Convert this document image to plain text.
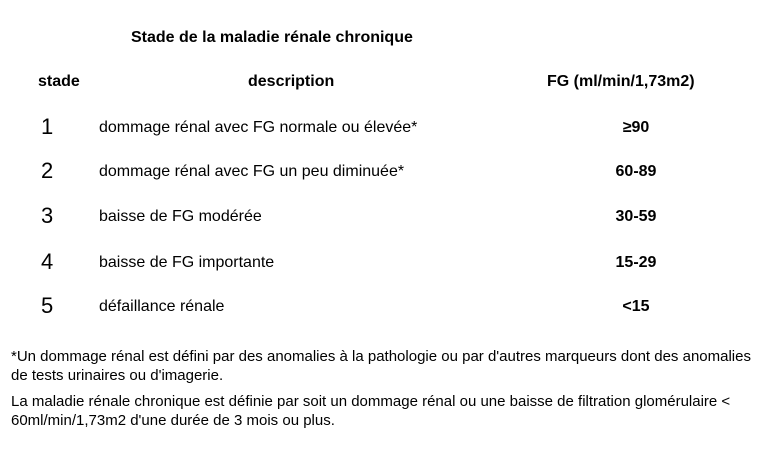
Stade de la maladie rénale chronique
stade	description	FG (ml/min/1,73m2)
1	dommage rénal avec FG normale ou élevée*	≥90
2	dommage rénal avec FG un peu diminuée*	60-89
3	baisse de FG modérée	30-59
4	baisse de FG importante	15-29
5	défaillance rénale	<15
*Un dommage rénal est défini par des anomalies à la pathologie ou par d'autres marqueurs dont des anomalies de tests urinaires ou d'imagerie.
La maladie rénale chronique est définie par soit un dommage rénal ou une baisse de filtration glomérulaire < 60ml/min/1,73m2 d'une durée de 3 mois ou plus.
